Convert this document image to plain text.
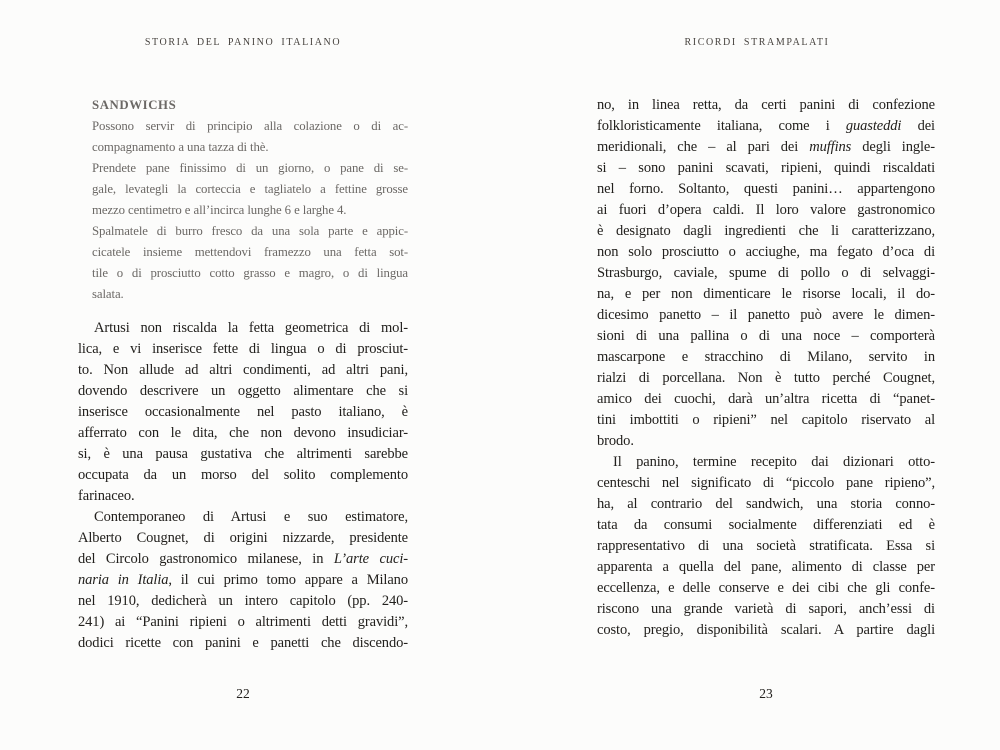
STORIA DEL PANINO ITALIANO	RICORDI STRAMPALATI
SANDWICHS
Possono servir di principio alla colazione o di ac-
compagnamento a una tazza di thè.
Prendete pane finissimo di un giorno, o pane di se-
gale, levategli la corteccia e tagliatelo a fettine grosse
mezzo centimetro e all’incirca lunghe 6 e larghe 4.
Spalmatele di burro fresco da una sola parte e appic-
cicatele insieme mettendovi framezzo una fetta sot-
tile o di prosciutto cotto grasso e magro, o di lingua
salata.
Artusi non riscalda la fetta geometrica di mol-
lica, e vi inserisce fette di lingua o di prosciut-
to. Non allude ad altri condimenti, ad altri pani,
dovendo descrivere un oggetto alimentare che si
inserisce occasionalmente nel pasto italiano, è
afferrato con le dita, che non devono insudiciar-
si, è una pausa gustativa che altrimenti sarebbe
occupata da un morso del solito complemento
farinaceo.
Contemporaneo di Artusi e suo estimatore,
Alberto Cougnet, di origini nizzarde, presidente
del Circolo gastronomico milanese, in L’arte cuci-
naria in Italia, il cui primo tomo appare a Milano
nel 1910, dedicherà un intero capitolo (pp. 240-
241) ai “Panini ripieni o altrimenti detti gravidi”,
dodici ricette con panini e panetti che discendo-
no, in linea retta, da certi panini di confezione
folkloristicamente italiana, come i guasteddi dei
meridionali, che – al pari dei muffins degli ingle-
si – sono panini scavati, ripieni, quindi riscaldati
nel forno. Soltanto, questi panini… appartengono
ai fuori d’opera caldi. Il loro valore gastronomico
è designato dagli ingredienti che li caratterizzano,
non solo prosciutto o acciughe, ma fegato d’oca di
Strasburgo, caviale, spume di pollo o di selvaggi-
na, e per non dimenticare le risorse locali, il do-
dicesimo panetto – il panetto può avere le dimen-
sioni di una pallina o di una noce – comporterà
mascarpone e stracchino di Milano, servito in
rialzi di porcellana. Non è tutto perché Cougnet,
amico dei cuochi, darà un’altra ricetta di “panet-
tini imbottiti o ripieni” nel capitolo riservato al
brodo.
Il panino, termine recepito dai dizionari otto-
centeschi nel significato di “piccolo pane ripieno”,
ha, al contrario del sandwich, una storia conno-
tata da consumi socialmente differenziati ed è
rappresentativo di una società stratificata. Essa si
apparenta a quella del pane, alimento di classe per
eccellenza, e delle conserve e dei cibi che gli confe-
riscono una grande varietà di sapori, anch’essi di
costo, pregio, disponibilità scalari. A partire dagli
22	23
